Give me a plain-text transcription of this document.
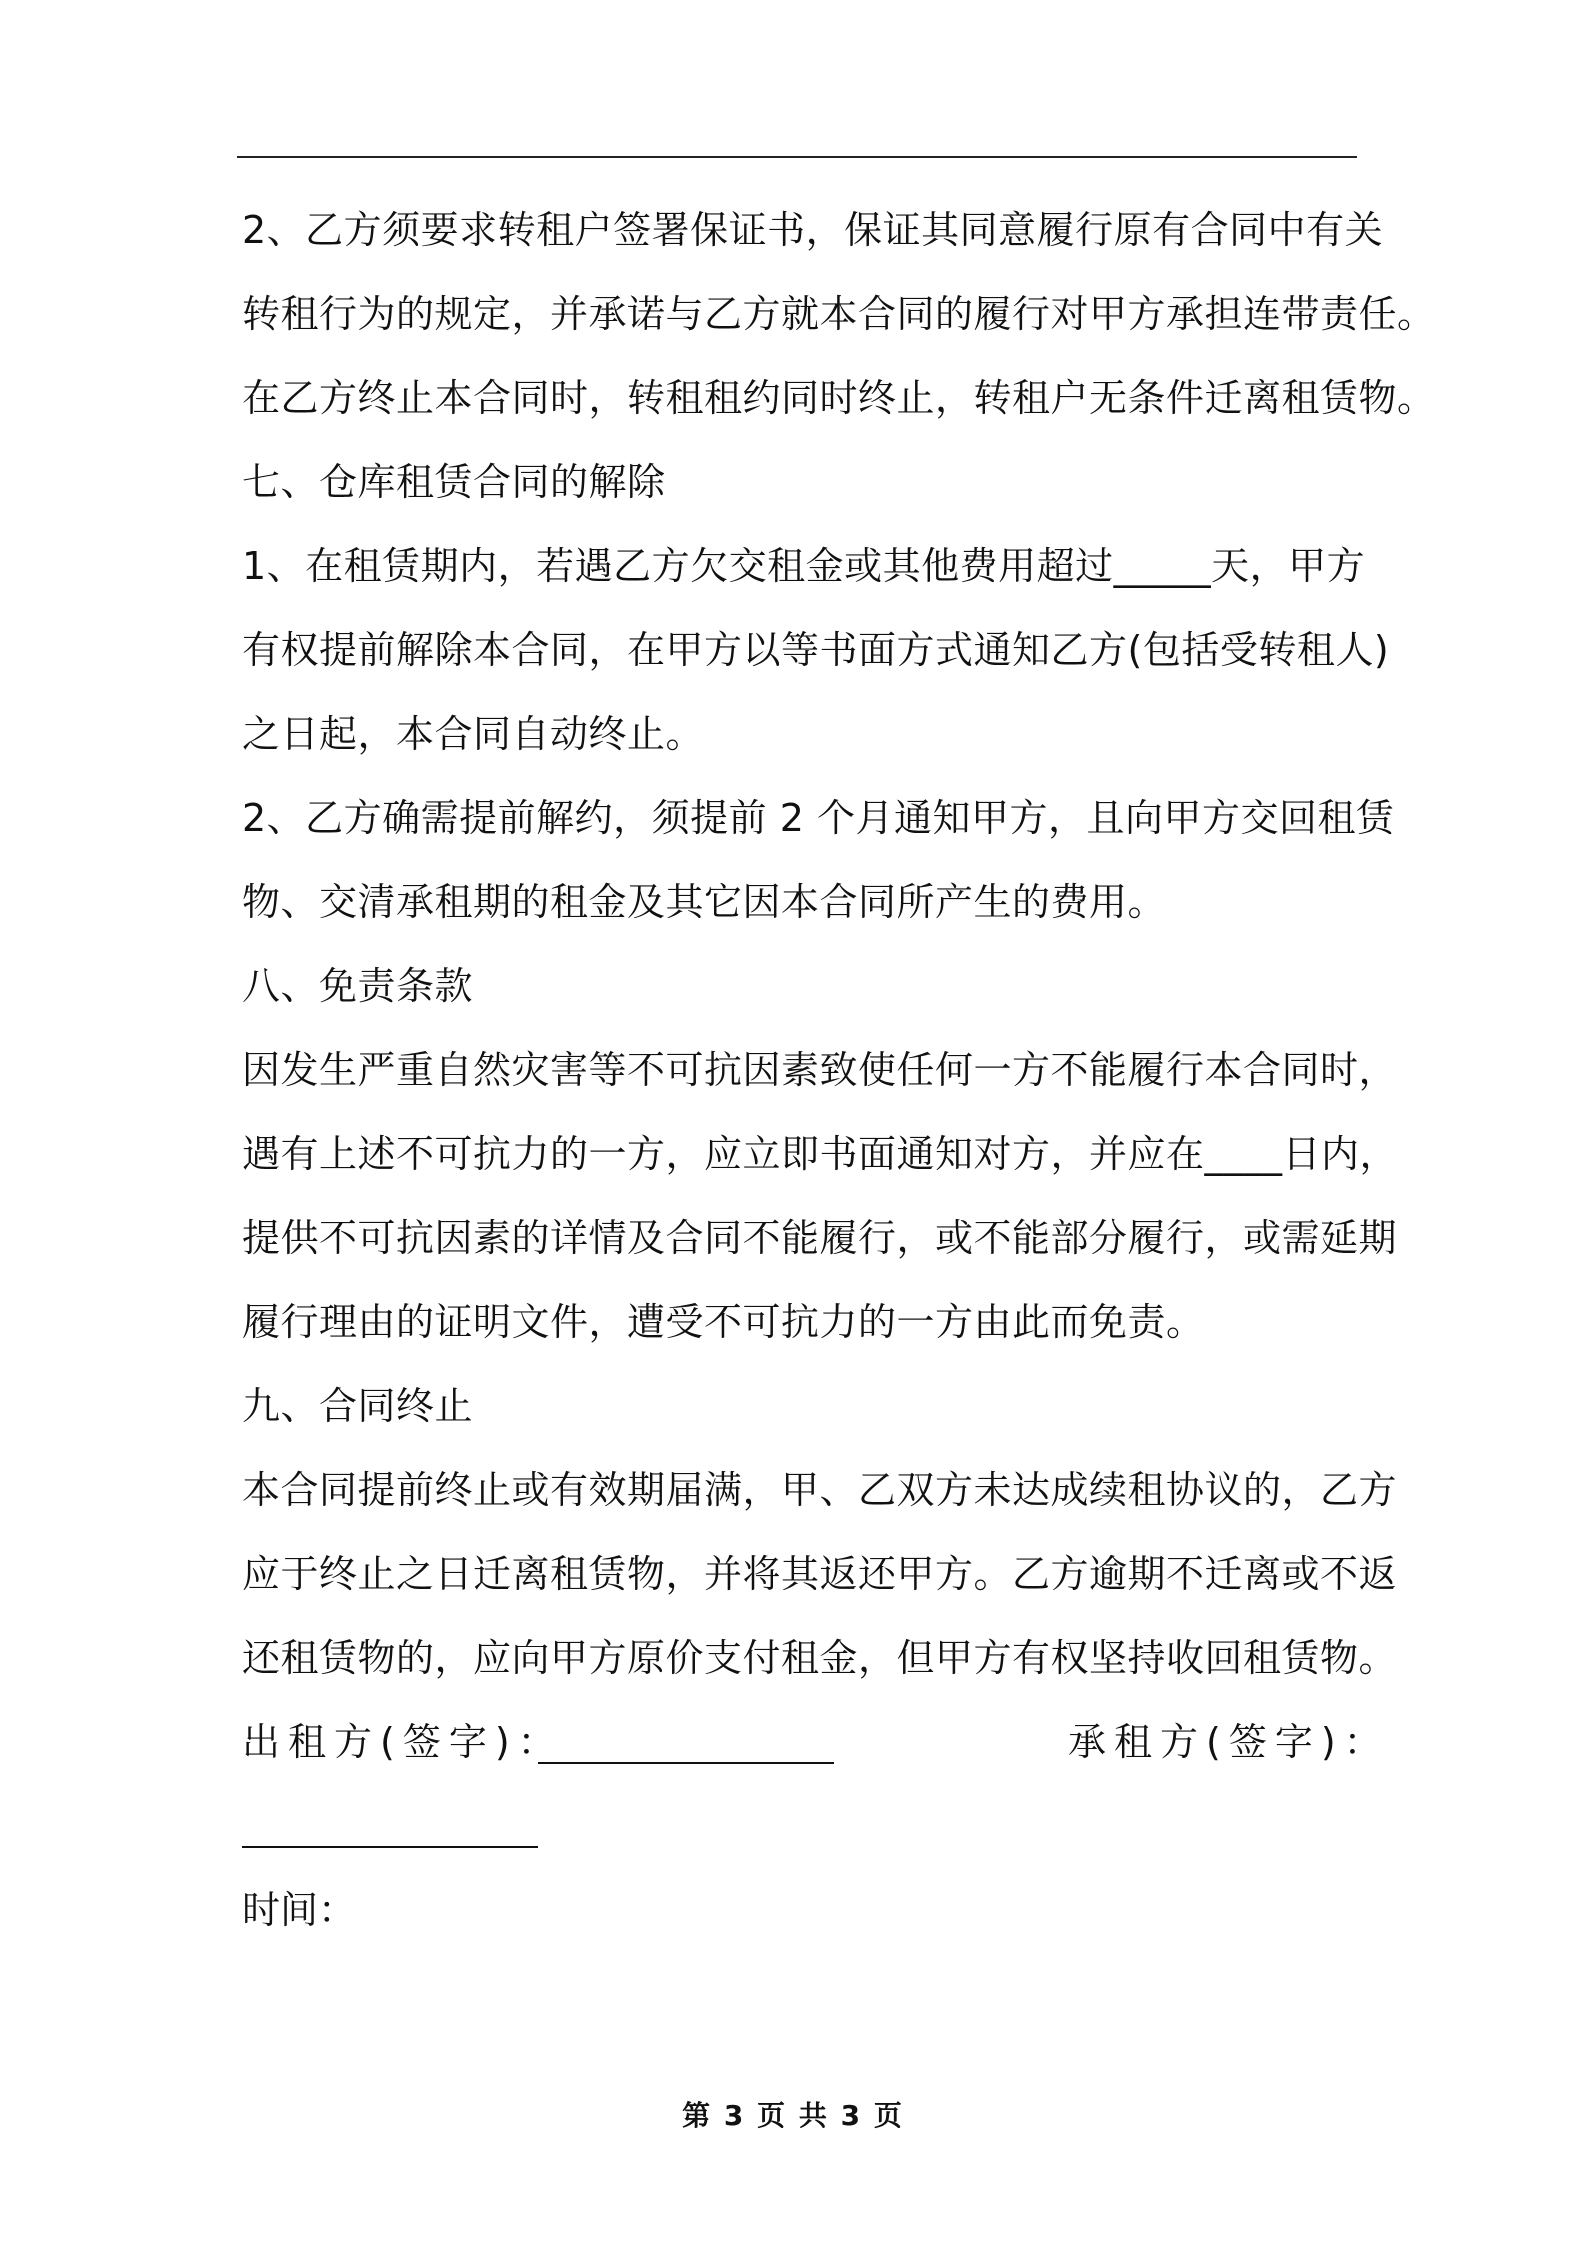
2、乙方须要求转租户签署保证书，保证其同意履行原有合同中有关
转租行为的规定，并承诺与乙方就本合同的履行对甲方承担连带责任。
在乙方终止本合同时，转租租约同时终止，转租户无条件迁离租赁物。
七、仓库租赁合同的解除
1、在租赁期内，若遇乙方欠交租金或其他费用超过_____天，甲方
有权提前解除本合同，在甲方以等书面方式通知乙方(包括受转租人)
之日起，本合同自动终止。
2、乙方确需提前解约，须提前 2 个月通知甲方，且向甲方交回租赁
物、交清承租期的租金及其它因本合同所产生的费用。
八、免责条款
因发生严重自然灾害等不可抗因素致使任何一方不能履行本合同时，
遇有上述不可抗力的一方，应立即书面通知对方，并应在____日内，
提供不可抗因素的详情及合同不能履行，或不能部分履行，或需延期
履行理由的证明文件，遭受不可抗力的一方由此而免责。
九、合同终止
本合同提前终止或有效期届满，甲、乙双方未达成续租协议的，乙方
应于终止之日迁离租赁物，并将其返还甲方。乙方逾期不迁离或不返
还租赁物的，应向甲方原价支付租金，但甲方有权坚持收回租赁物。
出租方(签字)：	承租方(签字)：
时间：
第 3 页 共 3 页
